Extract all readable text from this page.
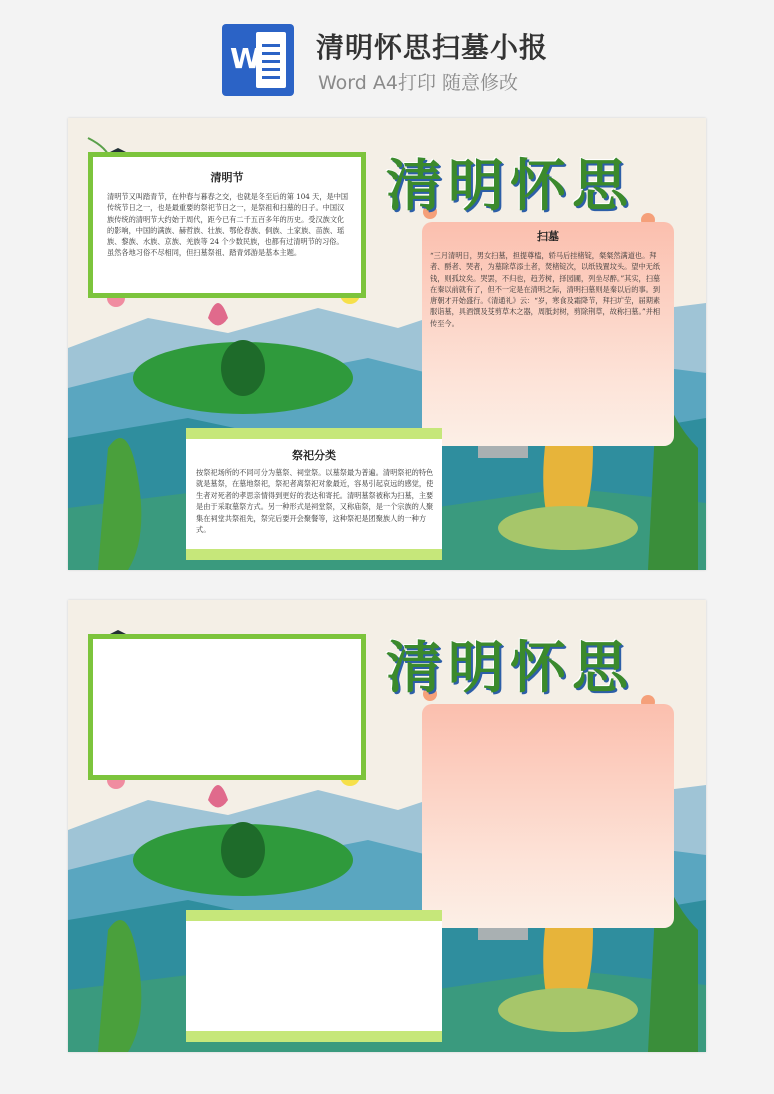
W 清明怀思扫墓小报
Word A4打印 随意修改
清明怀思
清明节
清明节又叫踏青节，在仲春与暮春之交，也就是冬至后的第 104 天，是中国传统节日之一，也是最重要的祭祀节日之一，是祭祖和扫墓的日子。中国汉族传统的清明节大约始于周代，距今已有二千五百多年的历史。受汉族文化的影响，中国的满族、赫哲族、壮族、鄂伦春族、侗族、土家族、苗族、瑶族、黎族、水族、京族、羌族等 24 个少数民族，也都有过清明节的习俗。虽然各地习俗不尽相同，但扫墓祭祖、踏青郊游是基本主题。
扫墓
“三月清明日，男女扫墓，担提尊榼，轿马后挂楮锭，粲粲然满道也。拜者、酹者、哭者，为墓除草添土者，焚楮锭次，以纸钱置坟头。望中无纸钱，则孤坟矣。哭罢，不归也，趋芳树，择园圃，列坐尽醉。”其实，扫墓在秦以前就有了，但不一定是在清明之际，清明扫墓则是秦以后的事。到唐朝才开始盛行。《清通礼》云：“岁，寒食及霜降节，拜扫圹茔，届期素服诣墓，具酒馔及芟剪草木之器，周胝封树，剪除荆草，故称扫墓。”并相传至今。
祭祀分类
按祭祀场所的不同可分为墓祭、祠堂祭。以墓祭最为普遍。清明祭祀的特色就是墓祭，在墓地祭祀，祭祀者离祭祀对象最近，容易引起哀远的感觉，使生者对死者的孝思亲情得到更好的表达和寄托。清明墓祭被称为扫墓，主要是由于采取墓祭方式。另一种形式是祠堂祭，又称庙祭，是一个宗族的人聚集在祠堂共祭祖先，祭完后要开会聚餐等，这种祭祀是团聚族人的一种方式。
清明怀思
